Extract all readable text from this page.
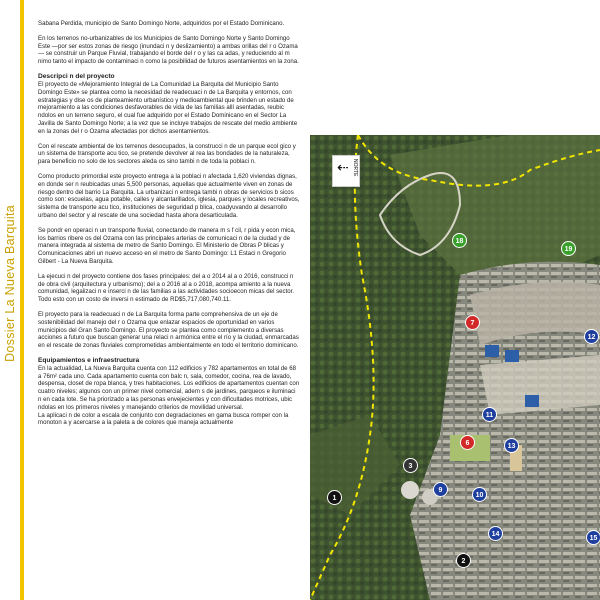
Dossier La Nueva Barquita

Sabana Perdida, municipio de Santo Domingo Norte, adquiridos por el Estado Dominicano.

En los terrenos no-urbanizables de los Municipios de Santo Domingo Norte y Santo Domingo Este —por ser estos zonas de riesgo (inundaci n y deslizamiento) a ambas orillas del r o Ozama— se construir un Parque Fluvial, trabajando el borde del r o y las ca adas, y reduciendo al m nimo tanto el impacto de contaminaci n como la posibilidad de futuros asentamientos en la zona.

Descripci n del proyecto

El proyecto de «Mejoramiento Integral de La Comunidad La Barquita del Municipio Santo Domingo Este» se plantea como la necesidad de readecuaci n de La Barquita y entornos, con estrategias y dise os de planteamiento urbanístico y medioambiental que brinden un estado de mejoramiento a las condiciones desfavorables de vida de las familias allí asentadas, reubic ndolos en un terreno seguro, el cual fue adquirido por el Estado Dominicano en el Sector La Javilla de Santo Domingo Norte; a la vez que se incluye trabajos de rescate del medio ambiente en la zonas del r o Ozama afectadas por dichos asentamientos.

Con el rescate ambiental de los terrenos desocupados, la construcci n de un parque ecol gico y un sistema de transporte acu tico, se pretende devolver al rea las bondades de la naturaleza, para beneficio no solo de los sectores aleda os sino tambi n de toda la poblaci n.

Como producto primordial este proyecto entrega a la poblaci n afectada 1,620 viviendas dignas, en donde ser n reubicadas unas 5,500 personas, aquellas que actualmente viven en zonas de riesgo dentro del barrio La Barquita. La urbanizaci n entrega tambi n obras de servicios b sicos como son: escuelas, agua potable, calles y alcantarillados, iglesia, parques y locales recreativos, sistema de transporte acu tico, instituciones de seguridad p blica, coadyuvando al desarrollo urbano del sector y al rescate de una sociedad hasta ahora desarticulada.

Se pondr en operaci n un transporte fluvial, conectando de manera m s f cil, r pida y econ mica, los barrios ribere os del Ozama con las principales arterias de comunicaci n de la ciudad y de manera integrada al sistema de metro de Santo Domingo. El Ministerio de Obras P blicas y Comunicaciones abri un nuevo acceso en el metro de Santo Domingo: L1 Estaci n Gregorio Gilbert - La Nueva Barquita.

La ejecuci n del proyecto contiene dos fases principales: del a o 2014 al a o 2016, construcci n de obra civil (arquitectura y urbanismo); del a o 2016 al a o 2018, acompa amiento a la nueva comunidad, legalizaci n e inserci n de las familias a las actividades socioecon micas del sector. Todo esto con un costo de inversi n estimado de RD$5,717,080,740.11.

El proyecto para la readecuaci n de La Barquita forma parte comprehensiva de un eje de sostenibilidad del manejo del r o Ozama que enlazar espacios de oportunidad en varios municipios del Gran Santo Domingo. El proyecto se plantea como complemento a diversas acciones a futuro que buscan generar una relaci n armónica entre el río y la ciudad, enmarcadas en el rescate de zonas fluviales comprometidas ambientalmente en todo el territorio dominicano.

Equipamientos e infraestructura

En la actualidad, La Nueva Barquita cuenta con 112 edificios y 782 apartamentos en total de 68 a 76m² cada uno. Cada apartamento cuenta con balc n, sala, comedor, cocina, rea de lavado, despensa, closet de ropa blanca, y tres habitaciones. Los edificios de apartamentos cuentan con cuatro niveles; algunos con un primer nivel comercial, adem s de jardines, parqueos e iluminaci n en cada lote. Se ha priorizado a las personas envejecientes y con dificultades motrices, ubic ndolas en los primeros niveles y manejando criterios de movilidad universal.

La aplicaci n de color a escala de conjunto con degradaciones en gama busca romper con la monoton a y acercarse a la paleta a de colores que maneja actualmente

⇠ NORTE
18
19
7
12
11
6	13
3
9
10
1
14
15
2
